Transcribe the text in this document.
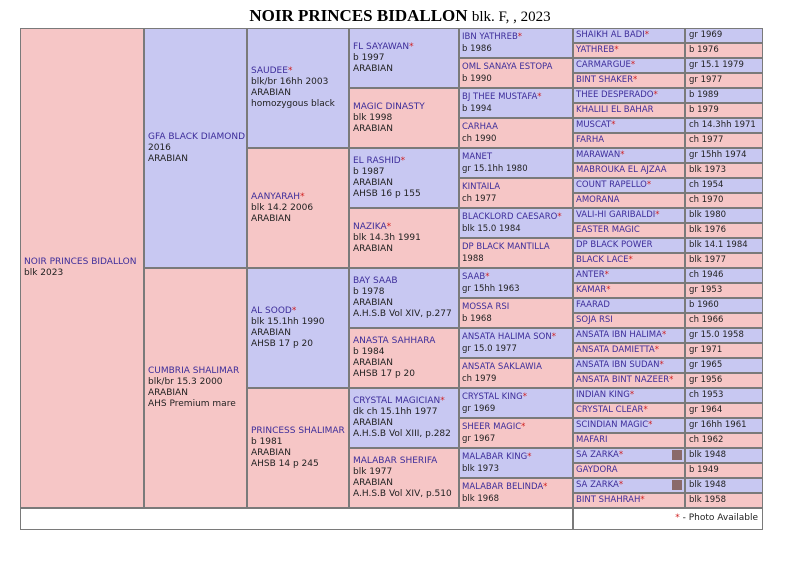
NOIR PRINCES BIDALLON blk. F, , 2023
NOIR PRINCES BIDALLON
blk 2023
GFA BLACK DIAMOND
2016
ARABIAN
CUMBRIA SHALIMAR
blk/br 15.3 2000
ARABIAN
AHS Premium mare
SAUDEE*
blk/br 16hh 2003
ARABIAN
homozygous black
AANYARAH*
blk 14.2 2006
ARABIAN
AL SOOD*
blk 15.1hh 1990
ARABIAN
AHSB 17 p 20
PRINCESS SHALIMAR
b 1981
ARABIAN
AHSB 14 p 245
FL SAYAWAN*
b 1997
ARABIAN
MAGIC DINASTY
blk 1998
ARABIAN
EL RASHID*
b 1987
ARABIAN
AHSB 16 p 155
NAZIKA*
blk 14.3h 1991
ARABIAN
BAY SAAB
b 1978
ARABIAN
A.H.S.B Vol XIV, p.277
ANASTA SAHHARA
b 1984
ARABIAN
AHSB 17 p 20
CRYSTAL MAGICIAN*
dk ch 15.1hh 1977
ARABIAN
A.H.S.B Vol XIII, p.282
MALABAR SHERIFA
blk 1977
ARABIAN
A.H.S.B Vol XIV, p.510
IBN YATHREB*
b 1986
OML SANAYA ESTOPA
b 1990
BJ THEE MUSTAFA*
b 1994
CARHAA
ch 1990
MANET
gr 15.1hh 1980
KINTAILA
ch 1977
BLACKLORD CAESARO*
blk 15.0 1984
DP BLACK MANTILLA
1988
SAAB*
gr 15hh 1963
MOSSA RSI
b 1968
ANSATA HALIMA SON*
gr 15.0 1977
ANSATA SAKLAWIA
ch 1979
CRYSTAL KING*
gr 1969
SHEER MAGIC*
gr 1967
MALABAR KING*
blk 1973
MALABAR BELINDA*
blk 1968
SHAIKH AL BADI*	gr 1969
YATHREB*	b 1976
CARMARGUE*	gr 15.1 1979
BINT SHAKER*	gr 1977
THEE DESPERADO*	b 1989
KHALILI EL BAHAR	b 1979
MUSCAT*	ch 14.3hh 1971
FARHA	ch 1977
MARAWAN*	gr 15hh 1974
MABROUKA EL AJZAA	blk 1973
COUNT RAPELLO*	ch 1954
AMORANA	ch 1970
VALI-HI GARIBALDI*	blk 1980
EASTER MAGIC	blk 1976
DP BLACK POWER	blk 14.1 1984
BLACK LACE*	blk 1977
ANTER*	ch 1946
KAMAR*	gr 1953
FAARAD	b 1960
SOJA RSI	ch 1966
ANSATA IBN HALIMA*	gr 15.0 1958
ANSATA DAMIETTA*	gr 1971
ANSATA IBN SUDAN*	gr 1965
ANSATA BINT NAZEER*	gr 1956
INDIAN KING*	ch 1953
CRYSTAL CLEAR*	gr 1964
SCINDIAN MAGIC*	gr 16hh 1961
MAFARI	ch 1962
SA ZARKA*	blk 1948
GAYDORA	b 1949
SA ZARKA*	blk 1948
BINT SHAHRAH*	blk 1958
* - Photo Available
